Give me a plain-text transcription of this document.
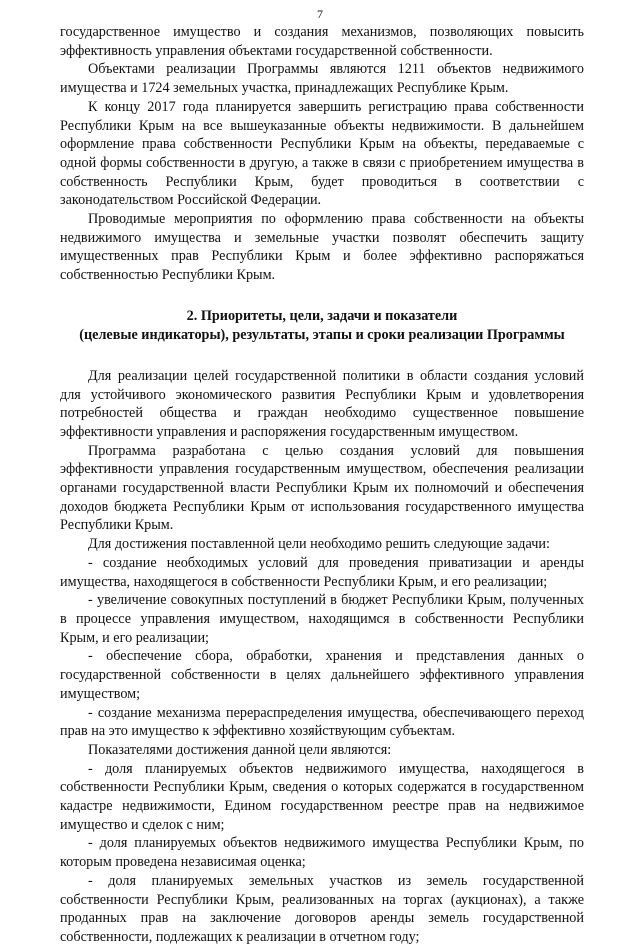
7

государственное имущество и создания механизмов, позволяющих повысить эффективность управления объектами государственной собственности.

Объектами реализации Программы являются 1211 объектов недвижимого имущества и 1724 земельных участка, принадлежащих Республике Крым.

К концу 2017 года планируется завершить регистрацию права собственности Республики Крым на все вышеуказанные объекты недвижимости. В дальнейшем оформление права собственности Республики Крым на объекты, передаваемые с одной формы собственности в другую, а также в связи с приобретением имущества в собственность Республики Крым, будет проводиться в соответствии с законодательством Российской Федерации.

Проводимые мероприятия по оформлению права собственности на объекты недвижимого имущества и земельные участки позволят обеспечить защиту имущественных прав Республики Крым и более эффективно распоряжаться собственностью Республики Крым.

2. Приоритеты, цели, задачи и показатели
(целевые индикаторы), результаты, этапы и сроки реализации Программы

Для реализации целей государственной политики в области создания условий для устойчивого экономического развития Республики Крым и удовлетворения потребностей общества и граждан необходимо существенное повышение эффективности управления и распоряжения государственным имуществом.

Программа разработана с целью создания условий для повышения эффективности управления государственным имуществом, обеспечения реализации органами государственной власти Республики Крым их полномочий и обеспечения доходов бюджета Республики Крым от использования государственного имущества Республики Крым.

Для достижения поставленной цели необходимо решить следующие задачи:

- создание необходимых условий для проведения приватизации и аренды имущества, находящегося в собственности Республики Крым, и его реализации;

- увеличение совокупных поступлений в бюджет Республики Крым, полученных в процессе управления имуществом, находящимся в собственности Республики Крым, и его реализации;

- обеспечение сбора, обработки, хранения и представления данных о государственной собственности в целях дальнейшего эффективного управления имуществом;

- создание механизма перераспределения имущества, обеспечивающего переход прав на это имущество к эффективно хозяйствующим субъектам.

Показателями достижения данной цели являются:

- доля планируемых объектов недвижимого имущества, находящегося в собственности Республики Крым, сведения о которых содержатся в государственном кадастре недвижимости, Едином государственном реестре прав на недвижимое имущество и сделок с ним;

- доля планируемых объектов недвижимого имущества Республики Крым, по которым проведена независимая оценка;

- доля планируемых земельных участков из земель государственной собственности Республики Крым, реализованных на торгах (аукционах), а также проданных прав на заключение договоров аренды земель государственной собственности, подлежащих к реализации в отчетном году;
